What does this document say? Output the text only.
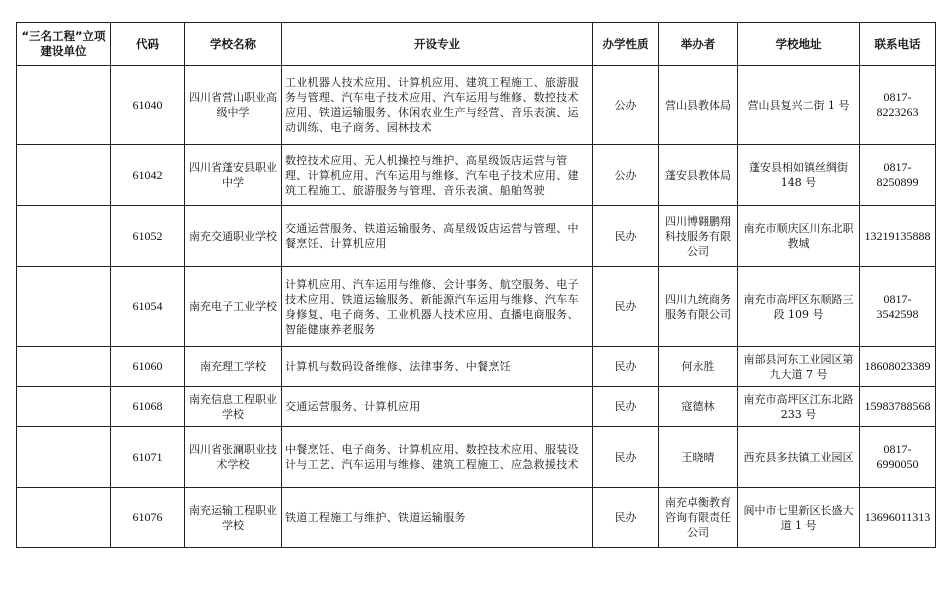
“三名工程”立项建设单位	代码	学校名称	开设专业	办学性质	举办者	学校地址	联系电话
	61040	四川省营山职业高级中学	工业机器人技术应用、计算机应用、建筑工程施工、旅游服务与管理、汽车电子技术应用、汽车运用与维修、数控技术应用、铁道运输服务、休闲农业生产与经营、音乐表演、运动训练、电子商务、园林技术	公办	营山县教体局	营山县复兴二街 1 号	0817-8223263
	61042	四川省蓬安县职业中学	数控技术应用、无人机操控与维护、高星级饭店运营与管理、计算机应用、汽车运用与维修、汽车电子技术应用、建筑工程施工、旅游服务与管理、音乐表演、船舶驾驶	公办	蓬安县教体局	蓬安县相如镇丝绸街 148 号	0817-8250899
	61052	南充交通职业学校	交通运营服务、铁道运输服务、高星级饭店运营与管理、中餐烹饪、计算机应用	民办	四川博翱鹏翔科技服务有限公司	南充市顺庆区川东北职教城	13219135888
	61054	南充电子工业学校	计算机应用、汽车运用与维修、会计事务、航空服务、电子技术应用、铁道运输服务、新能源汽车运用与维修、汽车车身修复、电子商务、工业机器人技术应用、直播电商服务、智能健康养老服务	民办	四川九统商务服务有限公司	南充市高坪区东顺路三段 109 号	0817-3542598
	61060	南充理工学校	计算机与数码设备维修、法律事务、中餐烹饪	民办	何永胜	南部县河东工业园区第九大道 7 号	18608023389
	61068	南充信息工程职业学校	交通运营服务、计算机应用	民办	寇德林	南充市高坪区江东北路 233 号	15983788568
	61071	四川省张澜职业技术学校	中餐烹饪、电子商务、计算机应用、数控技术应用、服装设计与工艺、汽车运用与维修、建筑工程施工、应急救援技术	民办	王晓晴	西充县多扶镇工业园区	0817-6990050
	61076	南充运输工程职业学校	铁道工程施工与维护、铁道运输服务	民办	南充卓衡教育咨询有限责任公司	阆中市七里新区长盛大道 1 号	13696011313
